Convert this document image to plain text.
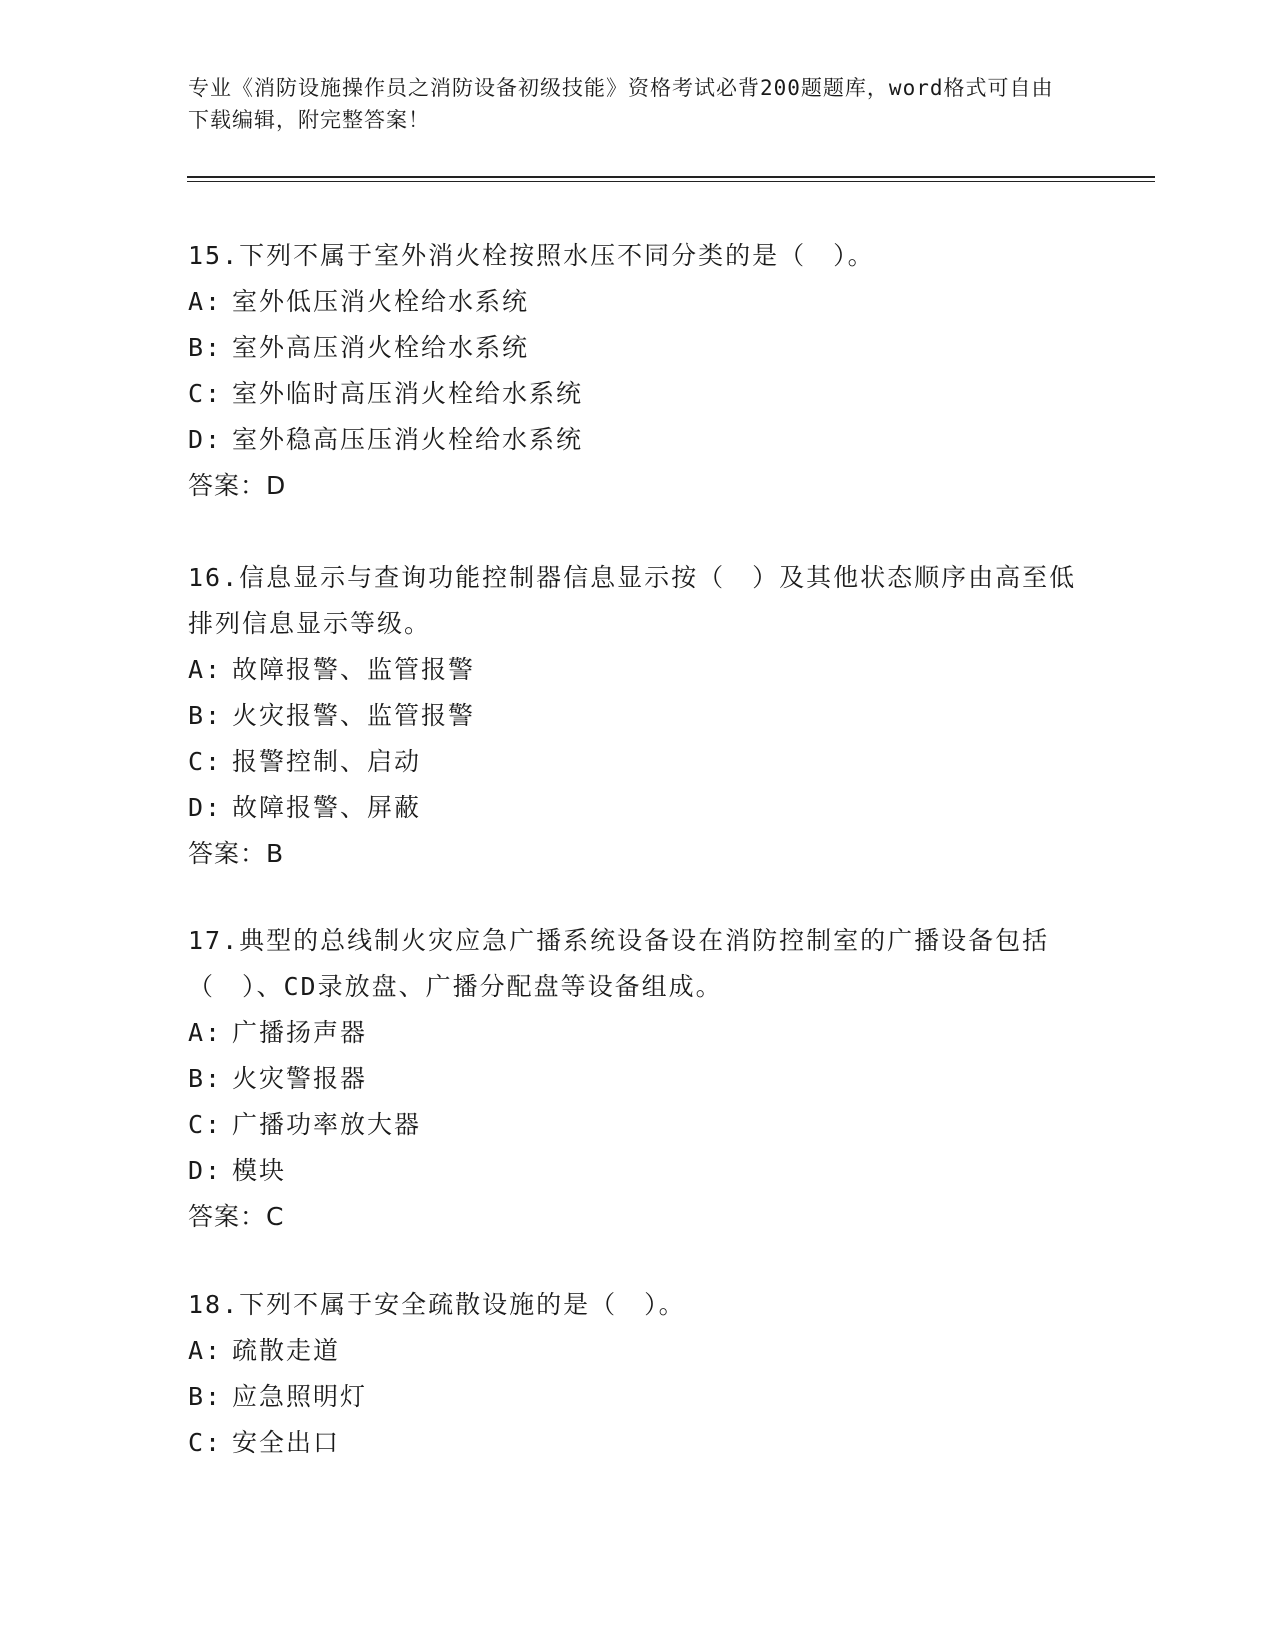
专业《消防设施操作员之消防设备初级技能》资格考试必背200题题库，word格式可自由下载编辑，附完整答案！

15.下列不属于室外消火栓按照水压不同分类的是（　）。

A: 室外低压消火栓给水系统

B: 室外高压消火栓给水系统

C: 室外临时高压消火栓给水系统

D: 室外稳高压压消火栓给水系统

答案：D

16.信息显示与查询功能控制器信息显示按（　）及其他状态顺序由高至低排列信息显示等级。

A: 故障报警、监管报警

B: 火灾报警、监管报警

C: 报警控制、启动

D: 故障报警、屏蔽

答案：B

17.典型的总线制火灾应急广播系统设备设在消防控制室的广播设备包括（　）、CD录放盘、广播分配盘等设备组成。

A: 广播扬声器

B: 火灾警报器

C: 广播功率放大器

D: 模块

答案：C

18.下列不属于安全疏散设施的是（　）。

A: 疏散走道

B: 应急照明灯

C: 安全出口
